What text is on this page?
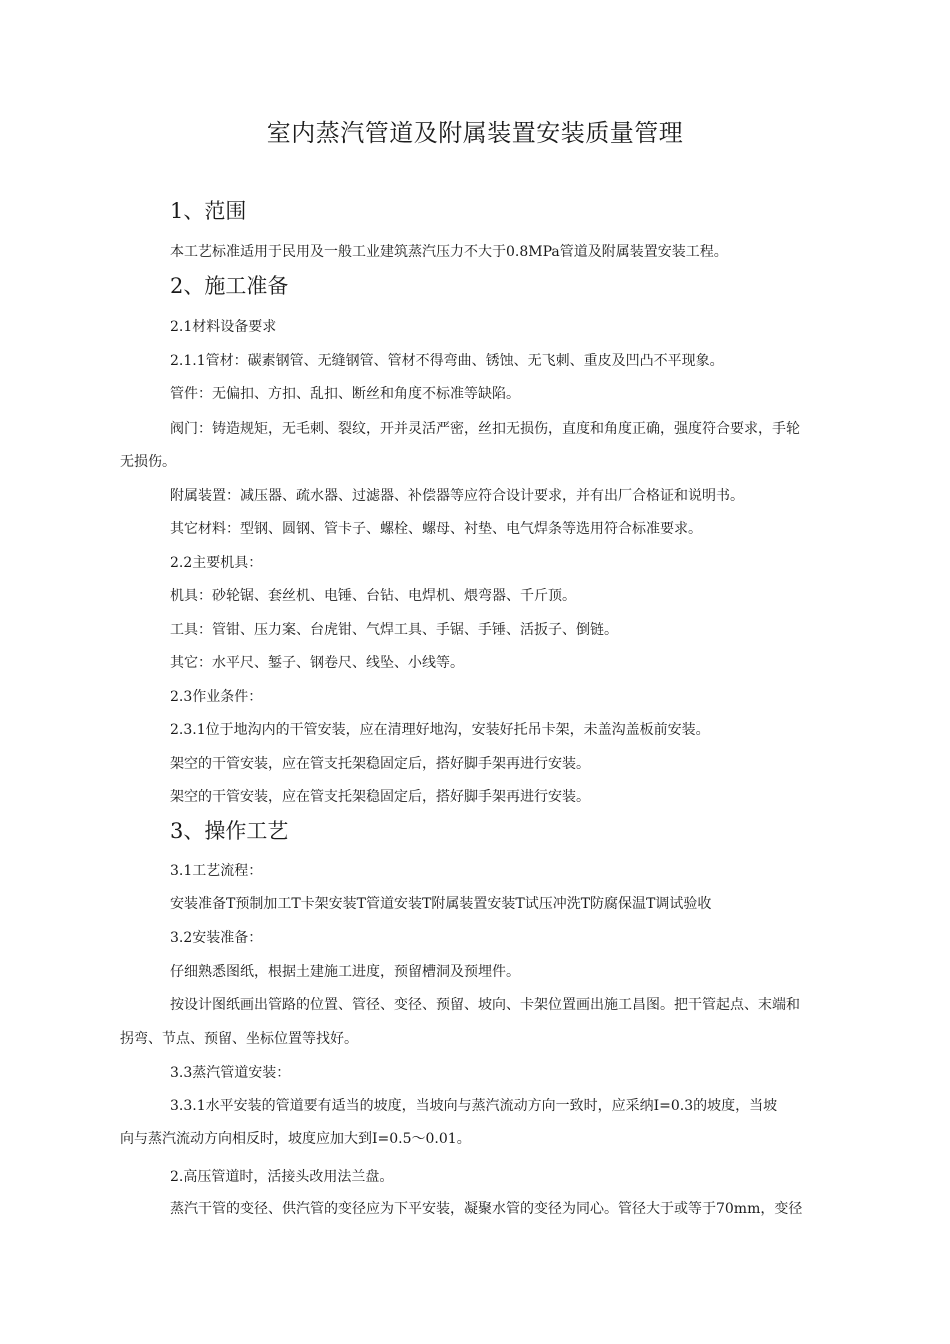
室内蒸汽管道及附属装置安装质量管理
1、范围
本工艺标准适用于民用及一般工业建筑蒸汽压力不大于0.8MPa管道及附属装置安装工程。
2、施工准备
2.1材料设备要求
2.1.1管材：碳素钢管、无缝钢管、管材不得弯曲、锈蚀、无飞刺、重皮及凹凸不平现象。
管件：无偏扣、方扣、乱扣、断丝和角度不标准等缺陷。
阀门：铸造规矩，无毛刺、裂纹，开并灵活严密，丝扣无损伤，直度和角度正确，强度符合要求，手轮
无损伤。
附属装置：减压器、疏水器、过滤器、补偿器等应符合设计要求，并有出厂合格证和说明书。
其它材料：型钢、圆钢、管卡子、螺栓、螺母、衬垫、电气焊条等选用符合标准要求。
2.2主要机具：
机具：砂轮锯、套丝机、电锤、台钻、电焊机、煨弯器、千斤顶。
工具：管钳、压力案、台虎钳、气焊工具、手锯、手锤、活扳子、倒链。
其它：水平尺、錾子、钢卷尺、线坠、小线等。
2.3作业条件：
2.3.1位于地沟内的干管安装，应在清理好地沟，安装好托吊卡架，未盖沟盖板前安装。
架空的干管安装，应在管支托架稳固定后，搭好脚手架再进行安装。
架空的干管安装，应在管支托架稳固定后，搭好脚手架再进行安装。
3、操作工艺
3.1工艺流程：
安装准备T预制加工T卡架安装T管道安装T附属装置安装T试压冲洗T防腐保温T调试验收
3.2安装准备：
仔细熟悉图纸，根据土建施工进度，预留槽洞及预埋件。
按设计图纸画出管路的位置、管径、变径、预留、坡向、卡架位置画出施工昌图。把干管起点、末端和
拐弯、节点、预留、坐标位置等找好。
3.3蒸汽管道安装：
3.3.1水平安装的管道要有适当的坡度，当坡向与蒸汽流动方向一致时，应采纳I=0.3的坡度，当坡
向与蒸汽流动方向相反时，坡度应加大到I=0.5〜0.01。
2.高压管道时，活接头改用法兰盘。
蒸汽干管的变径、供汽管的变径应为下平安装，凝聚水管的变径为同心。管径大于或等于70mm，变径
